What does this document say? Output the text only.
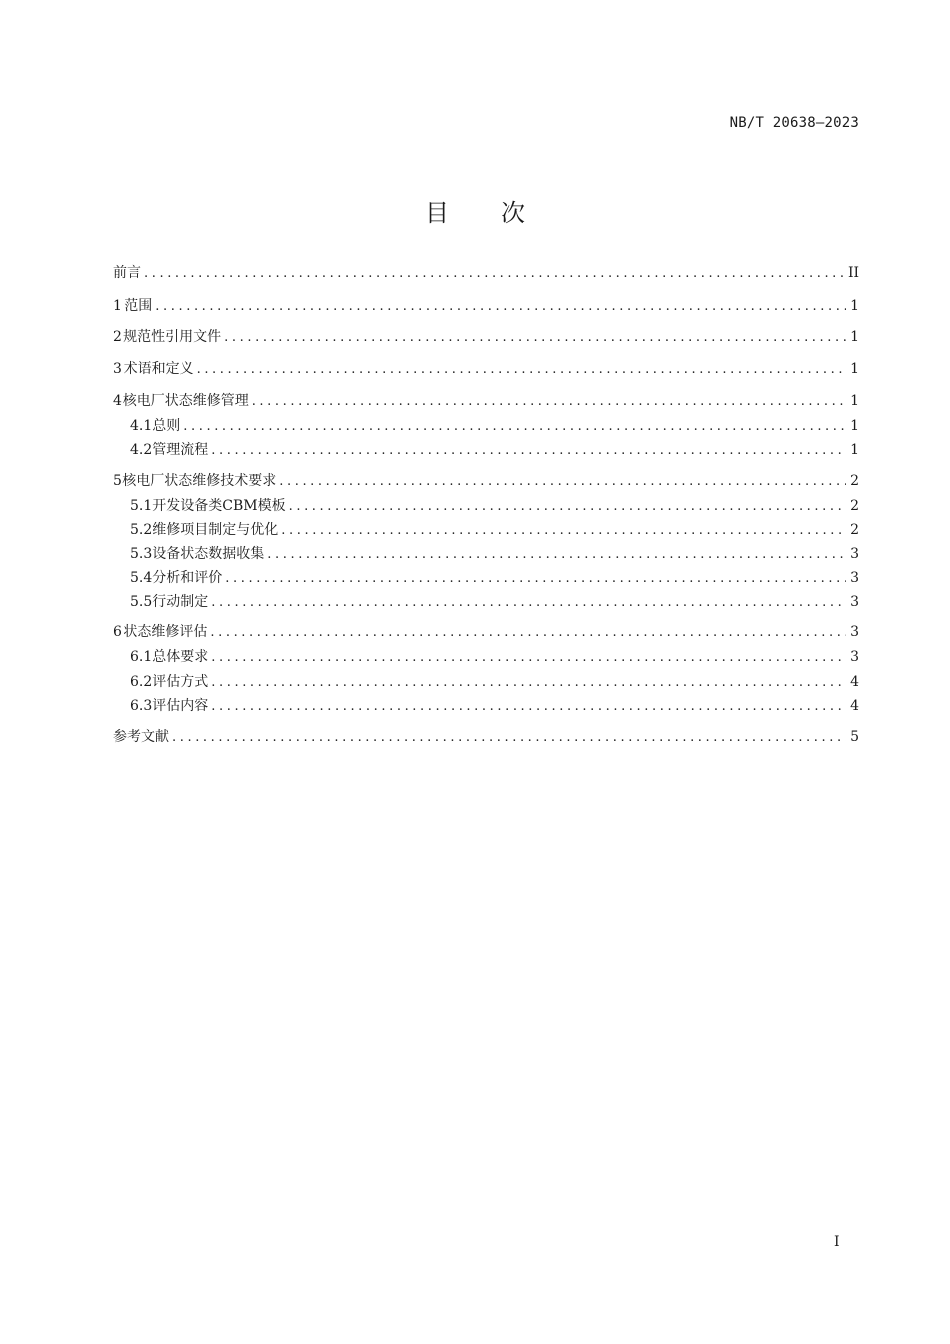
NB/T 20638—2023
目 次
前言 .....	II
1 范围 .....	1
2 规范性引用文件 .....	1
3 术语和定义 .....	1
4 核电厂状态维修管理 .....	1
4.1 总则 .....	1
4.2 管理流程 .....	1
5 核电厂状态维修技术要求 .....	2
5.1 开发设备类CBM模板 .....	2
5.2 维修项目制定与优化 .....	2
5.3 设备状态数据收集 .....	3
5.4 分析和评价 .....	3
5.5 行动制定 .....	3
6 状态维修评估 .....	3
6.1 总体要求 .....	3
6.2 评估方式 .....	4
6.3 评估内容 .....	4
参考文献 .....	5
I
